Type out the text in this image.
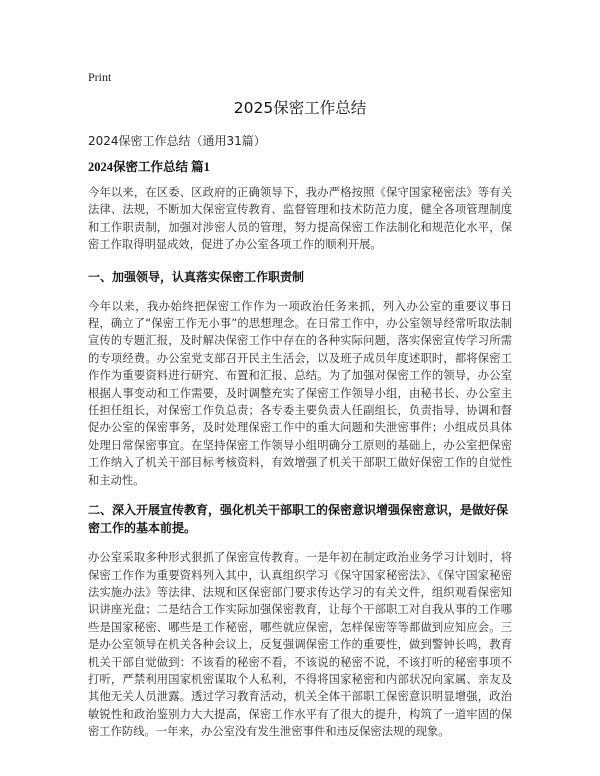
Print
2025保密工作总结
2024保密工作总结（通用31篇）
2024保密工作总结 篇1

今年以来，在区委、区政府的正确领导下，我办严格按照《保守国家秘密法》等有关法律、法规，不断加大保密宣传教育、监督管理和技术防范力度，健全各项管理制度和工作职责制，加强对涉密人员的管理，努力提高保密工作法制化和规范化水平，保密工作取得明显成效，促进了办公室各项工作的顺利开展。

一、加强领导，认真落实保密工作职责制

今年以来，我办始终把保密工作作为一项政治任务来抓，列入办公室的重要议事日程，确立了“保密工作无小事”的思想理念。在日常工作中，办公室领导经常听取法制宣传的专题汇报，及时解决保密工作中存在的各种实际问题，落实保密宣传学习所需的专项经费。办公室党支部召开民主生活会，以及班子成员年度述职时，都将保密工作作为重要资料进行研究、布置和汇报、总结。为了加强对保密工作的领导，办公室根据人事变动和工作需要，及时调整充实了保密工作领导小组，由秘书长、办公室主任担任组长，对保密工作负总责；各专委主要负责人任副组长，负责指导、协调和督促办公室的保密事务，及时处理保密工作中的重大问题和失泄密事件；小组成员具体处理日常保密事宜。在坚持保密工作领导小组明确分工原则的基础上，办公室把保密工作纳入了机关干部目标考核资料，有效增强了机关干部职工做好保密工作的自觉性和主动性。

二、深入开展宣传教育，强化机关干部职工的保密意识增强保密意识，是做好保密工作的基本前提。

办公室采取多种形式狠抓了保密宣传教育。一是年初在制定政治业务学习计划时，将保密工作作为重要资料列入其中，认真组织学习《保守国家秘密法》、《保守国家秘密法实施办法》等法律、法规和区保密部门要求传达学习的有关文件，组织观看保密知识讲座光盘；二是结合工作实际加强保密教育，让每个干部职工对自我从事的工作哪些是国家秘密、哪些是工作秘密，哪些就应保密，怎样保密等等都做到应知应会。三是办公室领导在机关各种会议上，反复强调保密工作的重要性，做到警钟长鸣，教育机关干部自觉做到：不该看的秘密不看，不该说的秘密不说，不该打听的秘密事项不打听，严禁利用国家机密谋取个人私利，不得将国家秘密和内部状况向家属、亲友及其他无关人员泄露。透过学习教育活动，机关全体干部职工保密意识明显增强，政治敏锐性和政治鉴别力大大提高，保密工作水平有了很大的提升，构筑了一道牢固的保密工作防线。一年来，办公室没有发生泄密事件和违反保密法规的现象。
